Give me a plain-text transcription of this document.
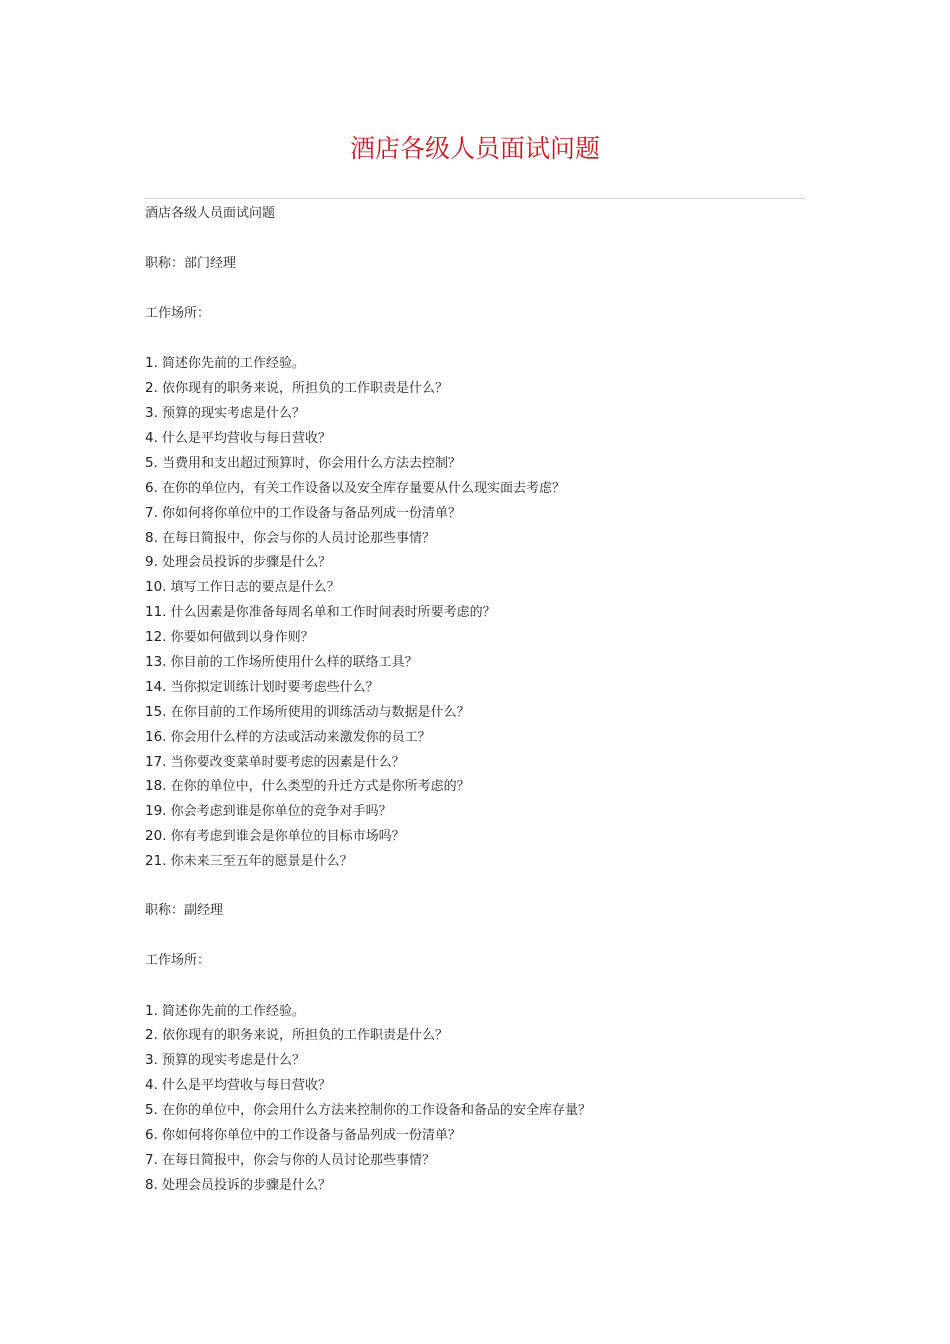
酒店各级人员面试问题
酒店各级人员面试问题
职称：部门经理
工作场所：
1. 简述你先前的工作经验。
2. 依你现有的职务来说，所担负的工作职责是什么？
3. 预算的现实考虑是什么？
4. 什么是平均营收与每日营收？
5. 当费用和支出超过预算时，你会用什么方法去控制？
6. 在你的单位内，有关工作设备以及安全库存量要从什么现实面去考虑？
7. 你如何将你单位中的工作设备与备品列成一份清单？
8. 在每日简报中，你会与你的人员讨论那些事情？
9. 处理会员投诉的步骤是什么？
10. 填写工作日志的要点是什么？
11. 什么因素是你准备每周名单和工作时间表时所要考虑的？
12. 你要如何做到以身作则？
13. 你目前的工作场所使用什么样的联络工具？
14. 当你拟定训练计划时要考虑些什么？
15. 在你目前的工作场所使用的训练活动与数据是什么？
16. 你会用什么样的方法或活动来激发你的员工？
17. 当你要改变菜单时要考虑的因素是什么？
18. 在你的单位中，什么类型的升迁方式是你所考虑的？
19. 你会考虑到谁是你单位的竞争对手吗？
20. 你有考虑到谁会是你单位的目标市场吗？
21. 你未来三至五年的愿景是什么？
职称：副经理
工作场所：
1. 简述你先前的工作经验。
2. 依你现有的职务来说，所担负的工作职责是什么？
3. 预算的现实考虑是什么？
4. 什么是平均营收与每日营收？
5. 在你的单位中，你会用什么方法来控制你的工作设备和备品的安全库存量？
6. 你如何将你单位中的工作设备与备品列成一份清单？
7. 在每日简报中，你会与你的人员讨论那些事情？
8. 处理会员投诉的步骤是什么？
